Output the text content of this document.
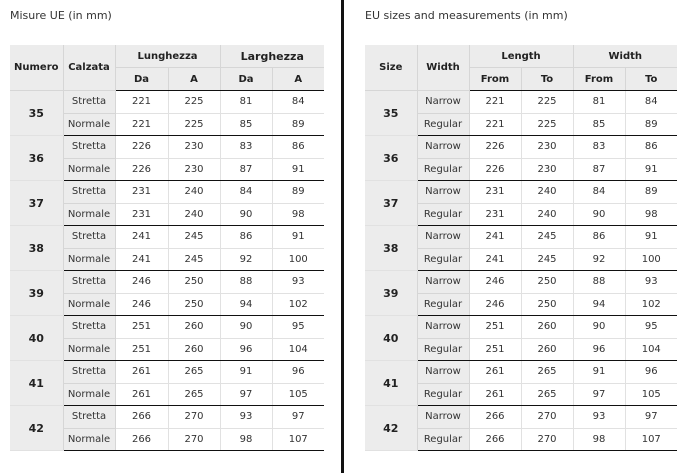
Misure UE (in mm)
Numero	Calzata	Lunghezza		Larghezza	
		Da	A	Da	A
35	Stretta	221	225	81	84
	Normale	221	225	85	89
36	Stretta	226	230	83	86
	Normale	226	230	87	91
37	Stretta	231	240	84	89
	Normale	231	240	90	98
38	Stretta	241	245	86	91
	Normale	241	245	92	100
39	Stretta	246	250	88	93
	Normale	246	250	94	102
40	Stretta	251	260	90	95
	Normale	251	260	96	104
41	Stretta	261	265	91	96
	Normale	261	265	97	105
42	Stretta	266	270	93	97
	Normale	266	270	98	107
EU sizes and measurements (in mm)
Size	Width	Length		Width	
		From	To	From	To
35	Narrow	221	225	81	84
	Regular	221	225	85	89
36	Narrow	226	230	83	86
	Regular	226	230	87	91
37	Narrow	231	240	84	89
	Regular	231	240	90	98
38	Narrow	241	245	86	91
	Regular	241	245	92	100
39	Narrow	246	250	88	93
	Regular	246	250	94	102
40	Narrow	251	260	90	95
	Regular	251	260	96	104
41	Narrow	261	265	91	96
	Regular	261	265	97	105
42	Narrow	266	270	93	97
	Regular	266	270	98	107
